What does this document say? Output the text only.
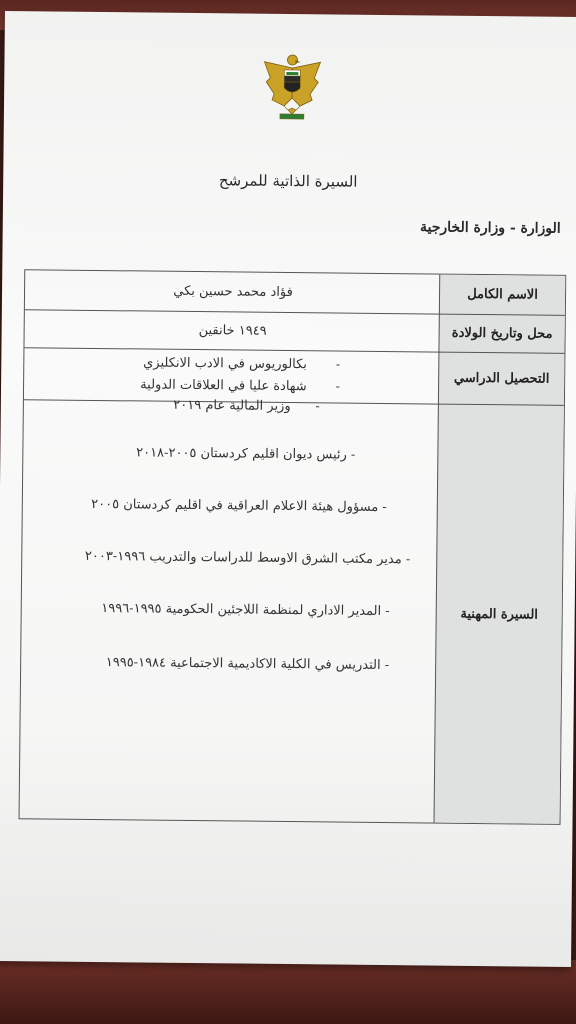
السيرة الذاتية للمرشح
الوزارة - وزارة الخارجية
الاسم الكامل
محل وتاريخ الولادة
التحصيل الدراسي
السيرة المهنية
فؤاد محمد حسين بكي
١٩٤٩ خانقين
-       بكالوريوس في الادب الانكليزي
-       شهادة عليا في العلاقات الدولية
-      وزير المالية عام ٢٠١٩
- رئيس ديوان اقليم كردستان ٢٠٠٥-٢٠١٨
- مسؤول هيئة الاعلام العراقية في اقليم كردستان ٢٠٠٥
- مدير مكتب الشرق الاوسط للدراسات والتدريب ١٩٩٦-٢٠٠٣
- المدير الاداري لمنظمة اللاجئين الحكومية ١٩٩٥-١٩٩٦
- التدريس في الكلية الاكاديمية الاجتماعية ١٩٨٤-١٩٩٥
